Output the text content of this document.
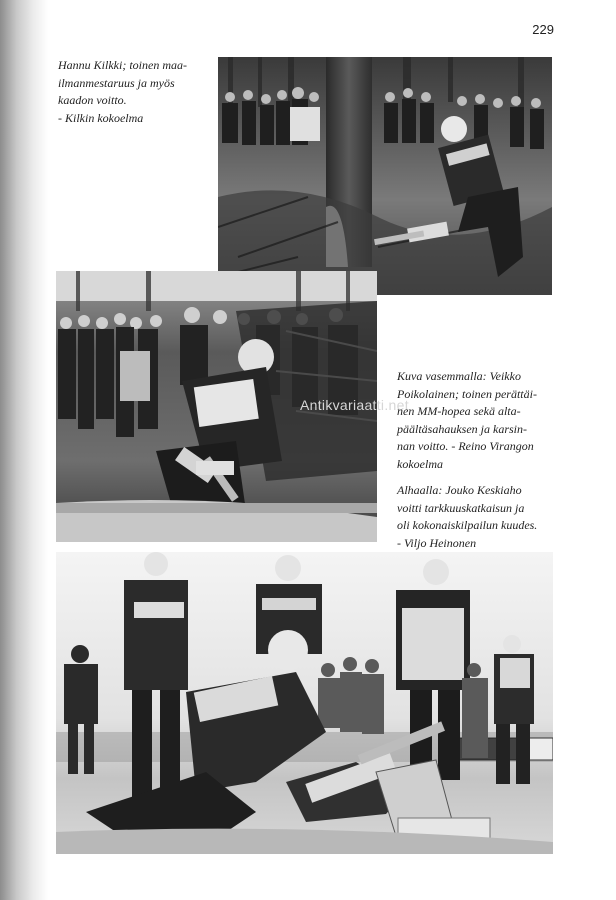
229
Hannu Kilkki; toinen maa-
ilmanmestaruus ja myös
kaadon voitto.
- Kilkin kokoelma
Antikvariaatti.net
Kuva vasemmalla: Veikko
Poikolainen; toinen perättäi-
nen MM-hopea sekä alta-
päältäsahauksen ja karsin-
nan voitto. - Reino Virangon
kokoelma
Alhaalla: Jouko Keskiaho
voitti tarkkuuskatkaisun ja
oli kokonaiskilpailun kuudes.
- Viljo Heinonen
